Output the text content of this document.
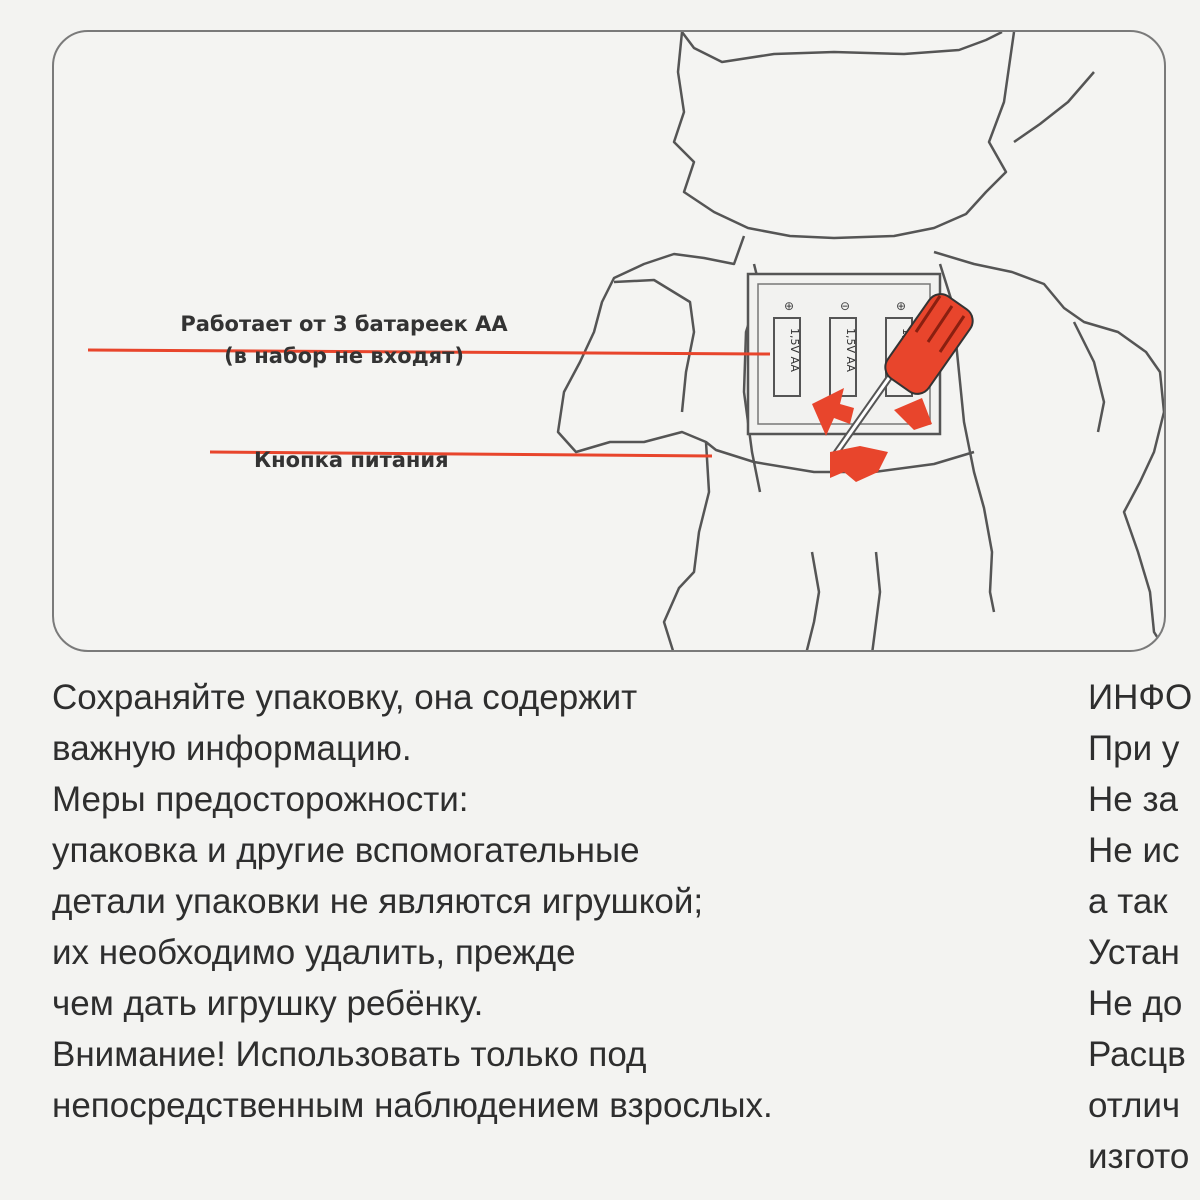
⊕	⊖	⊕
1,5V AA	1,5V AA
Работает от 3 батареек АА
(в набор не входят)
Кнопка питания

Сохраняйте упаковку, она содержит

важную информацию.

Меры предосторожности:

упаковка и другие вспомогательные

детали упаковки не являются игрушкой;

их необходимо удалить, прежде

чем дать игрушку ребёнку.

Внимание! Использовать только под

непосредственным наблюдением взрослых.

ИНФО

При у

Не за

Не ис

а так

Устан

Не до

Расцв

отлич

изгото
